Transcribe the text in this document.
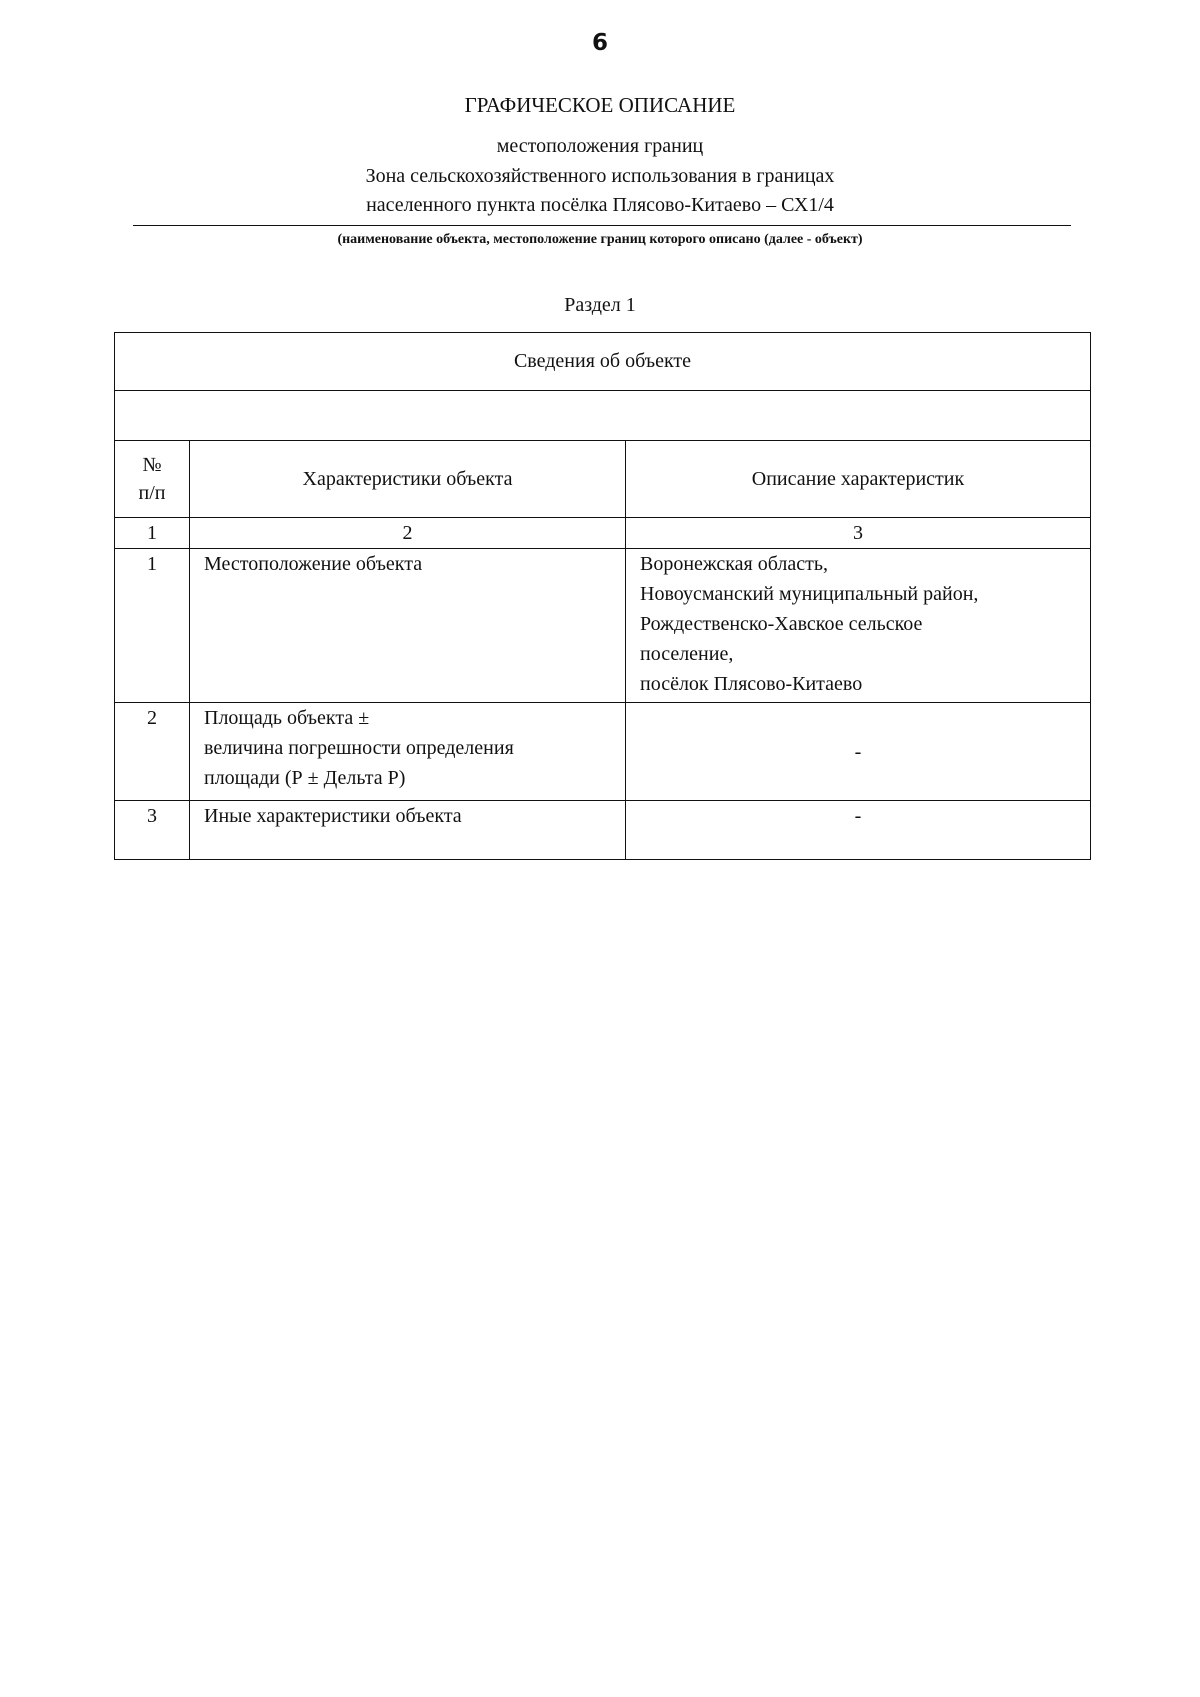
6
ГРАФИЧЕСКОЕ ОПИСАНИЕ
местоположения границ
Зона сельскохозяйственного использования в границах
населенного пункта посёлка Плясово-Китаево – СХ1/4
(наименование объекта, местоположение границ которого описано (далее - объект)
Раздел 1
Сведения об объекте		

№
п/п	Характеристики объекта	Описание характеристик
1	2	3
1	Местоположение объекта	Воронежская область,
Новоусманский муниципальный район,
Рождественско-Хавское сельское
поселение,
посёлок Плясово-Китаево

2	Площадь объекта ±
величина погрешности определения
площади (Р ± Дельта Р)	-
3	Иные характеристики объекта	-
